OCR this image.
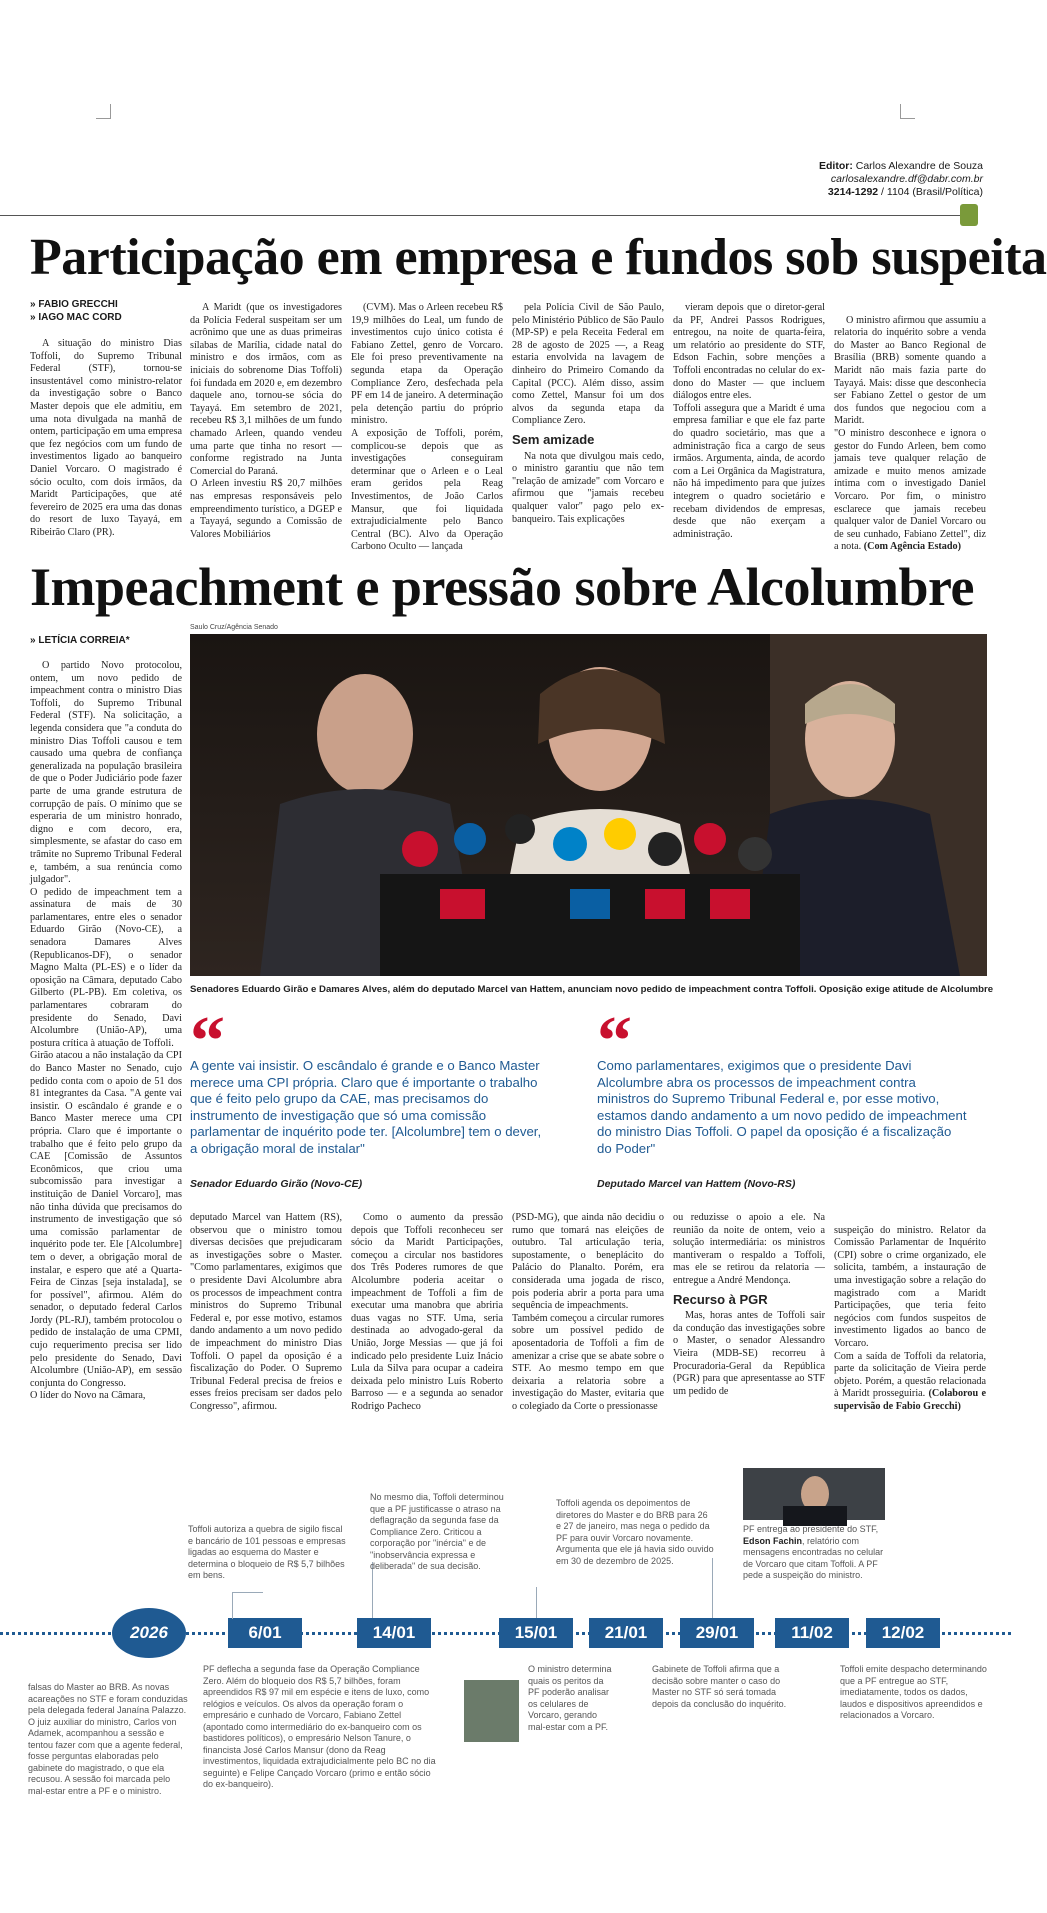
Editor: Carlos Alexandre de Souza
carlosalexandre.df@dabr.com.br
3214-1292 / 1104 (Brasil/Política)
Participação em empresa e fundos sob suspeita
» FABIO GRECCHI
» IAGO MAC CORD

A situação do ministro Dias Toffoli, do Supremo Tribunal Federal (STF), tornou-se insustentável como ministro-relator da investigação sobre o Banco Master depois que ele admitiu, em uma nota divulgada na manhã de ontem, participação em uma empresa que fez negócios com um fundo de investimentos ligado ao banqueiro Daniel Vorcaro. O magistrado é sócio oculto, com dois irmãos, da Maridt Participações, que até fevereiro de 2025 era uma das donas do resort de luxo Tayayá, em Ribeirão Claro (PR).

A Maridt (que os investigadores da Polícia Federal suspeitam ser um acrônimo que une as duas primeiras sílabas de Marília, cidade natal do ministro e dos irmãos, com as iniciais do sobrenome Dias Toffoli) foi fundada em 2020 e, em dezembro daquele ano, tornou-se sócia do Tayayá. Em setembro de 2021, recebeu R$ 3,1 milhões de um fundo chamado Arleen, quando vendeu uma parte que tinha no resort — conforme registrado na Junta Comercial do Paraná.
O Arleen investiu R$ 20,7 milhões nas empresas responsáveis pelo empreendimento turístico, a DGEP e a Tayayá, segundo a Comissão de Valores Mobiliários

(CVM). Mas o Arleen recebeu R$ 19,9 milhões do Leal, um fundo de investimentos cujo único cotista é Fabiano Zettel, genro de Vorcaro. Ele foi preso preventivamente na segunda etapa da Operação Compliance Zero, desfechada pela PF em 14 de janeiro. A determinação pela detenção partiu do próprio ministro.
A exposição de Toffoli, porém, complicou-se depois que as investigações conseguiram determinar que o Arleen e o Leal eram geridos pela Reag Investimentos, de João Carlos Mansur, que foi liquidada extrajudicialmente pelo Banco Central (BC). Alvo da Operação Carbono Oculto — lançada

pela Polícia Civil de São Paulo, pelo Ministério Público de São Paulo (MP-SP) e pela Receita Federal em 28 de agosto de 2025 —, a Reag estaria envolvida na lavagem de dinheiro do Primeiro Comando da Capital (PCC). Além disso, assim como Zettel, Mansur foi um dos alvos da segunda etapa da Compliance Zero.

Sem amizade

Na nota que divulgou mais cedo, o ministro garantiu que não tem "relação de amizade" com Vorcaro e afirmou que "jamais recebeu qualquer valor" pago pelo ex-banqueiro. Tais explicações

vieram depois que o diretor-geral da PF, Andrei Passos Rodrigues, entregou, na noite de quarta-feira, um relatório ao presidente do STF, Edson Fachin, sobre menções a Toffoli encontradas no celular do ex-dono do Master — que incluem diálogos entre eles.
Toffoli assegura que a Maridt é uma empresa familiar e que ele faz parte do quadro societário, mas que a administração fica a cargo de seus irmãos. Argumenta, ainda, de acordo com a Lei Orgânica da Magistratura, não há impedimento para que juízes integrem o quadro societário e recebam dividendos de empresas, desde que não exerçam a administração.

O ministro afirmou que assumiu a relatoria do inquérito sobre a venda do Master ao Banco Regional de Brasília (BRB) somente quando a Maridt não mais fazia parte do Tayayá. Mais: disse que desconhecia ser Fabiano Zettel o gestor de um dos fundos que negociou com a Maridt.
"O ministro desconhece e ignora o gestor do Fundo Arleen, bem como jamais teve qualquer relação de amizade e muito menos amizade íntima com o investigado Daniel Vorcaro. Por fim, o ministro esclarece que jamais recebeu qualquer valor de Daniel Vorcaro ou de seu cunhado, Fabiano Zettel", diz a nota. (Com Agência Estado)

Impeachment e pressão sobre Alcolumbre
» LETÍCIA CORREIA*

O partido Novo protocolou, ontem, um novo pedido de impeachment contra o ministro Dias Toffoli, do Supremo Tribunal Federal (STF). Na solicitação, a legenda considera que "a conduta do ministro Dias Toffoli causou e tem causado uma quebra de confiança generalizada na população brasileira de que o Poder Judiciário pode fazer parte de uma grande estrutura de corrupção de país. O mínimo que se esperaria de um ministro honrado, digno e com decoro, era, simplesmente, se afastar do caso em trâmite no Supremo Tribunal Federal e, também, a sua renúncia como julgador".
O pedido de impeachment tem a assinatura de mais de 30 parlamentares, entre eles o senador Eduardo Girão (Novo-CE), a senadora Damares Alves (Republicanos-DF), o senador Magno Malta (PL-ES) e o líder da oposição na Câmara, deputado Cabo Gilberto (PL-PB). Em coletiva, os parlamentares cobraram do presidente do Senado, Davi Alcolumbre (União-AP), uma postura crítica à atuação de Toffoli.
Girão atacou a não instalação da CPI do Banco Master no Senado, cujo pedido conta com o apoio de 51 dos 81 integrantes da Casa. "A gente vai insistir. O escândalo é grande e o Banco Master merece uma CPI própria. Claro que é importante o trabalho que é feito pelo grupo da CAE [Comissão de Assuntos Econômicos, que criou uma subcomissão para investigar a instituição de Daniel Vorcaro], mas não tinha dúvida que precisamos do instrumento de investigação que só uma comissão parlamentar de inquérito pode ter. Ele [Alcolumbre] tem o dever, a obrigação moral de instalar, e espero que até a Quarta-Feira de Cinzas [seja instalada], se for possível", afirmou. Além do senador, o deputado federal Carlos Jordy (PL-RJ), também protocolou o pedido de instalação de uma CPMI, cujo requerimento precisa ser lido pelo presidente do Senado, Davi Alcolumbre (União-AP), em sessão conjunta do Congresso.
O líder do Novo na Câmara,

Saulo Cruz/Agência Senado
Senadores Eduardo Girão e Damares Alves, além do deputado Marcel van Hattem, anunciam novo pedido de impeachment contra Toffoli. Oposição exige atitude de Alcolumbre
“
A gente vai insistir. O escândalo é grande e o Banco Master merece uma CPI própria. Claro que é importante o trabalho que é feito pelo grupo da CAE, mas precisamos do instrumento de investigação que só uma comissão parlamentar de inquérito pode ter. [Alcolumbre] tem o dever, a obrigação moral de instalar"
Senador Eduardo Girão (Novo-CE)
“
Como parlamentares, exigimos que o presidente Davi Alcolumbre abra os processos de impeachment contra ministros do Supremo Tribunal Federal e, por esse motivo, estamos dando andamento a um novo pedido de impeachment do ministro Dias Toffoli. O papel da oposição é a fiscalização do Poder"
Deputado Marcel van Hattem (Novo-RS)

deputado Marcel van Hattem (RS), observou que o ministro tomou diversas decisões que prejudicaram as investigações sobre o Master. "Como parlamentares, exigimos que o presidente Davi Alcolumbre abra os processos de impeachment contra ministros do Supremo Tribunal Federal e, por esse motivo, estamos dando andamento a um novo pedido de impeachment do ministro Dias Toffoli. O papel da oposição é a fiscalização do Poder. O Supremo Tribunal Federal precisa de freios e esses freios precisam ser dados pelo Congresso", afirmou.

Como o aumento da pressão depois que Toffoli reconheceu ser sócio da Maridt Participações, começou a circular nos bastidores dos Três Poderes rumores de que Alcolumbre poderia aceitar o impeachment de Toffoli a fim de executar uma manobra que abriria duas vagas no STF. Uma, seria destinada ao advogado-geral da União, Jorge Messias — que já foi indicado pelo presidente Luiz Inácio Lula da Silva para ocupar a cadeira deixada pelo ministro Luís Roberto Barroso — e a segunda ao senador Rodrigo Pacheco

(PSD-MG), que ainda não decidiu o rumo que tomará nas eleições de outubro. Tal articulação teria, supostamente, o beneplácito do Palácio do Planalto. Porém, era considerada uma jogada de risco, pois poderia abrir a porta para uma sequência de impeachments.
Também começou a circular rumores sobre um possível pedido de aposentadoria de Toffoli a fim de amenizar a crise que se abate sobre o STF. Ao mesmo tempo em que deixaria a relatoria sobre a investigação do Master, evitaria que o colegiado da Corte o pressionasse

ou reduzisse o apoio a ele. Na reunião da noite de ontem, veio a solução intermediária: os ministros mantiveram o respaldo a Toffoli, mas ele se retirou da relatoria — entregue a André Mendonça.

Recurso à PGR

Mas, horas antes de Toffoli sair da condução das investigações sobre o Master, o senador Alessandro Vieira (MDB-SE) recorreu à Procuradoria-Geral da República (PGR) para que apresentasse ao STF um pedido de

suspeição do ministro. Relator da Comissão Parlamentar de Inquérito (CPI) sobre o crime organizado, ele solicita, também, a instauração de uma investigação sobre a relação do magistrado com a Maridt Participações, que teria feito negócios com fundos suspeitos de investimento ligados ao banco de Vorcaro.
Com a saída de Toffoli da relatoria, parte da solicitação de Vieira perde objeto. Porém, a questão relacionada à Maridt prosseguiria. (Colaborou e supervisão de Fabio Grecchi)

2026	6/01	14/01	15/01	21/01	29/01	11/02	12/02
Toffoli autoriza a quebra de sigilo fiscal e bancário de 101 pessoas e empresas ligadas ao esquema do Master e determina o bloqueio de R$ 5,7 bilhões em bens.
No mesmo dia, Toffoli determinou que a PF justificasse o atraso na deflagração da segunda fase da Compliance Zero. Criticou a corporação por "inércia" e de "inobservância expressa e deliberada" de sua decisão.
Toffoli agenda os depoimentos de diretores do Master e do BRB para 26 e 27 de janeiro, mas nega o pedido da PF para ouvir Vorcaro novamente. Argumenta que ele já havia sido ouvido em 30 de dezembro de 2025.
PF entrega ao presidente do STF, Edson Fachin, relatório com mensagens encontradas no celular de Vorcaro que citam Toffoli. A PF pede a suspeição do ministro.
falsas do Master ao BRB. As novas acareações no STF e foram conduzidas pela delegada federal Janaína Palazzo. O juiz auxiliar do ministro, Carlos von Adamek, acompanhou a sessão e tentou fazer com que a agente federal, fosse perguntas elaboradas pelo gabinete do magistrado, o que ela recusou. A sessão foi marcada pelo mal-estar entre a PF e o ministro.
PF deflecha a segunda fase da Operação Compliance Zero. Além do bloqueio dos R$ 5,7 bilhões, foram apreendidos R$ 97 mil em espécie e itens de luxo, como relógios e veículos. Os alvos da operação foram o empresário e cunhado de Vorcaro, Fabiano Zettel (apontado como intermediário do ex-banqueiro com os bastidores políticos), o empresário Nelson Tanure, o financista José Carlos Mansur (dono da Reag investimentos, liquidada extrajudicialmente pelo BC no dia seguinte) e Felipe Cançado Vorcaro (primo e então sócio do ex-banqueiro).
O ministro determina quais os peritos da PF poderão analisar os celulares de Vorcaro, gerando mal-estar com a PF.
Gabinete de Toffoli afirma que a decisão sobre manter o caso do Master no STF só será tomada depois da conclusão do inquérito.
Toffoli emite despacho determinando que a PF entregue ao STF, imediatamente, todos os dados, laudos e dispositivos apreendidos e relacionados a Vorcaro.
